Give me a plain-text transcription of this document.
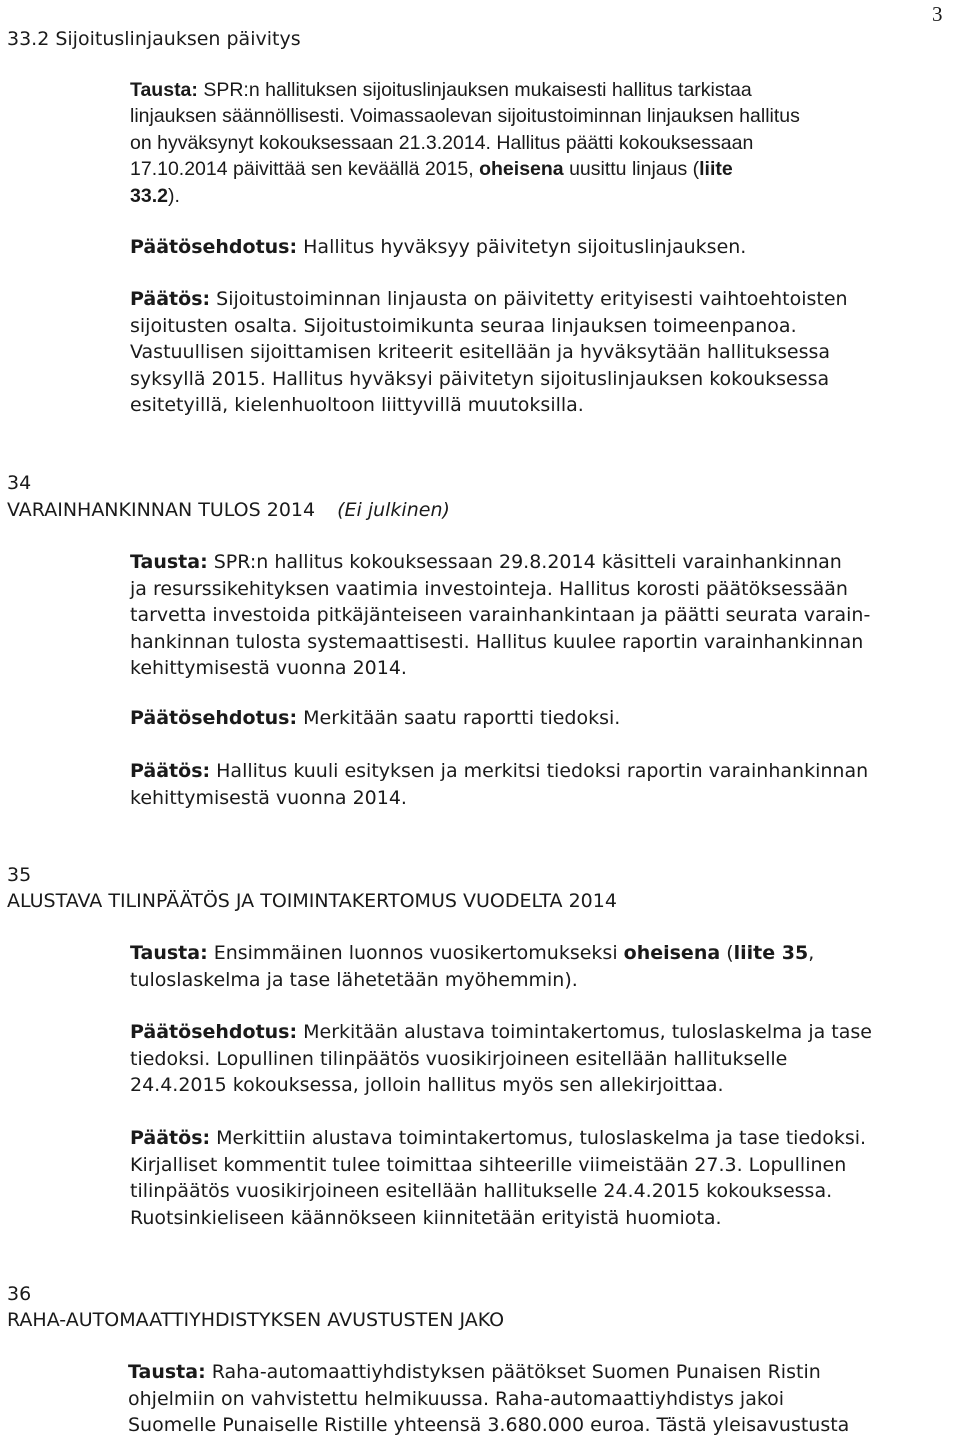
3
33.2 Sijoituslinjauksen päivitys
Tausta: SPR:n hallituksen sijoituslinjauksen mukaisesti hallitus tarkistaa
linjauksen säännöllisesti. Voimassaolevan sijoitustoiminnan linjauksen hallitus
on hyväksynyt kokouksessaan 21.3.2014. Hallitus päätti kokouksessaan
17.10.2014 päivittää sen keväällä 2015, oheisena uusittu linjaus (liite
33.2).
Päätösehdotus: Hallitus hyväksyy päivitetyn sijoituslinjauksen.
Päätös: Sijoitustoiminnan linjausta on päivitetty erityisesti vaihtoehtoisten
sijoitusten osalta. Sijoitustoimikunta seuraa linjauksen toimeenpanoa.
Vastuullisen sijoittamisen kriteerit esitellään ja hyväksytään hallituksessa
syksyllä 2015. Hallitus hyväksyi päivitetyn sijoituslinjauksen kokouksessa
esitetyillä, kielenhuoltoon liittyvillä muutoksilla.
34
VARAINHANKINNAN TULOS 2014 (Ei julkinen)
Tausta: SPR:n hallitus kokouksessaan 29.8.2014 käsitteli varainhankinnan
ja resurssikehityksen vaatimia investointeja. Hallitus korosti päätöksessään
tarvetta investoida pitkäjänteiseen varainhankintaan ja päätti seurata varain-
hankinnan tulosta systemaattisesti. Hallitus kuulee raportin varainhankinnan
kehittymisestä vuonna 2014.
Päätösehdotus: Merkitään saatu raportti tiedoksi.
Päätös: Hallitus kuuli esityksen ja merkitsi tiedoksi raportin varainhankinnan
kehittymisestä vuonna 2014.
35
ALUSTAVA TILINPÄÄTÖS JA TOIMINTAKERTOMUS VUODELTA 2014
Tausta: Ensimmäinen luonnos vuosikertomukseksi oheisena (liite 35,
tuloslaskelma ja tase lähetetään myöhemmin).
Päätösehdotus: Merkitään alustava toimintakertomus, tuloslaskelma ja tase
tiedoksi. Lopullinen tilinpäätös vuosikirjoineen esitellään hallitukselle
24.4.2015 kokouksessa, jolloin hallitus myös sen allekirjoittaa.
Päätös: Merkittiin alustava toimintakertomus, tuloslaskelma ja tase tiedoksi.
Kirjalliset kommentit tulee toimittaa sihteerille viimeistään 27.3. Lopullinen
tilinpäätös vuosikirjoineen esitellään hallitukselle 24.4.2015 kokouksessa.
Ruotsinkieliseen käännökseen kiinnitetään erityistä huomiota.
36
RAHA-AUTOMAATTIYHDISTYKSEN AVUSTUSTEN JAKO
Tausta: Raha-automaattiyhdistyksen päätökset Suomen Punaisen Ristin
ohjelmiin on vahvistettu helmikuussa. Raha-automaattiyhdistys jakoi
Suomelle Punaiselle Ristille yhteensä 3.680.000 euroa. Tästä yleisavustusta
